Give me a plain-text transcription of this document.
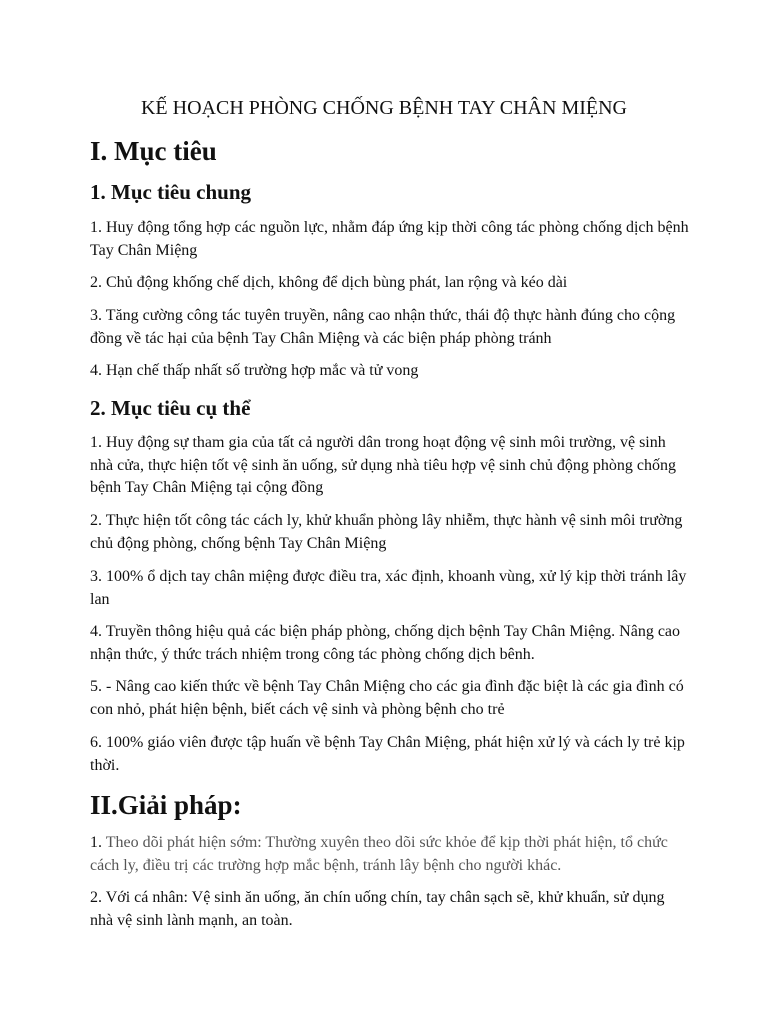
KẾ HOẠCH PHÒNG CHỐNG BỆNH TAY CHÂN MIỆNG
I. Mục tiêu
1. Mục tiêu chung

1. Huy động tổng hợp các nguồn lực, nhằm đáp ứng kịp thời công tác phòng chống dịch bệnh Tay Chân Miệng

2. Chủ động khống chế dịch, không để dịch bùng phát, lan rộng và kéo dài

3. Tăng cường công tác tuyên truyền, nâng cao nhận thức, thái độ thực hành đúng cho cộng đồng về tác hại của bệnh Tay Chân Miệng và các biện pháp phòng tránh

4. Hạn chế thấp nhất số trường hợp mắc và tử vong

2. Mục tiêu cụ thể

1. Huy động sự tham gia của tất cả người dân trong hoạt động vệ sinh môi trường, vệ sinh nhà cửa, thực hiện tốt vệ sinh ăn uống, sử dụng nhà tiêu hợp vệ sinh chủ động phòng chống bệnh Tay Chân Miệng tại cộng đồng

2. Thực hiện tốt công tác cách ly, khử khuẩn phòng lây nhiễm, thực hành vệ sinh môi trường chủ động phòng, chống bệnh Tay Chân Miệng

3. 100% ổ dịch tay chân miệng được điều tra, xác định, khoanh vùng, xử lý kịp thời tránh lây lan

4. Truyền thông hiệu quả các biện pháp phòng, chống dịch bệnh Tay Chân Miệng. Nâng cao nhận thức, ý thức trách nhiệm trong công tác phòng chống dịch bênh.

5. - Nâng cao kiến thức về bệnh Tay Chân Miệng cho các gia đình đặc biệt là các gia đình có con nhỏ, phát hiện bệnh, biết cách vệ sinh và phòng bệnh cho trẻ

6. 100% giáo viên được tập huấn về bệnh Tay Chân Miệng, phát hiện xử lý và cách ly trẻ kịp thời.

II.Giải pháp:

1. Theo dõi phát hiện sớm: Thường xuyên theo dõi sức khỏe để kịp thời phát hiện, tổ chức cách ly, điều trị các trường hợp mắc bệnh, tránh lây bệnh cho người khác.

2. Với cá nhân: Vệ sinh ăn uống, ăn chín uống chín, tay chân sạch sẽ, khử khuẩn, sử dụng nhà vệ sinh lành mạnh, an toàn.
